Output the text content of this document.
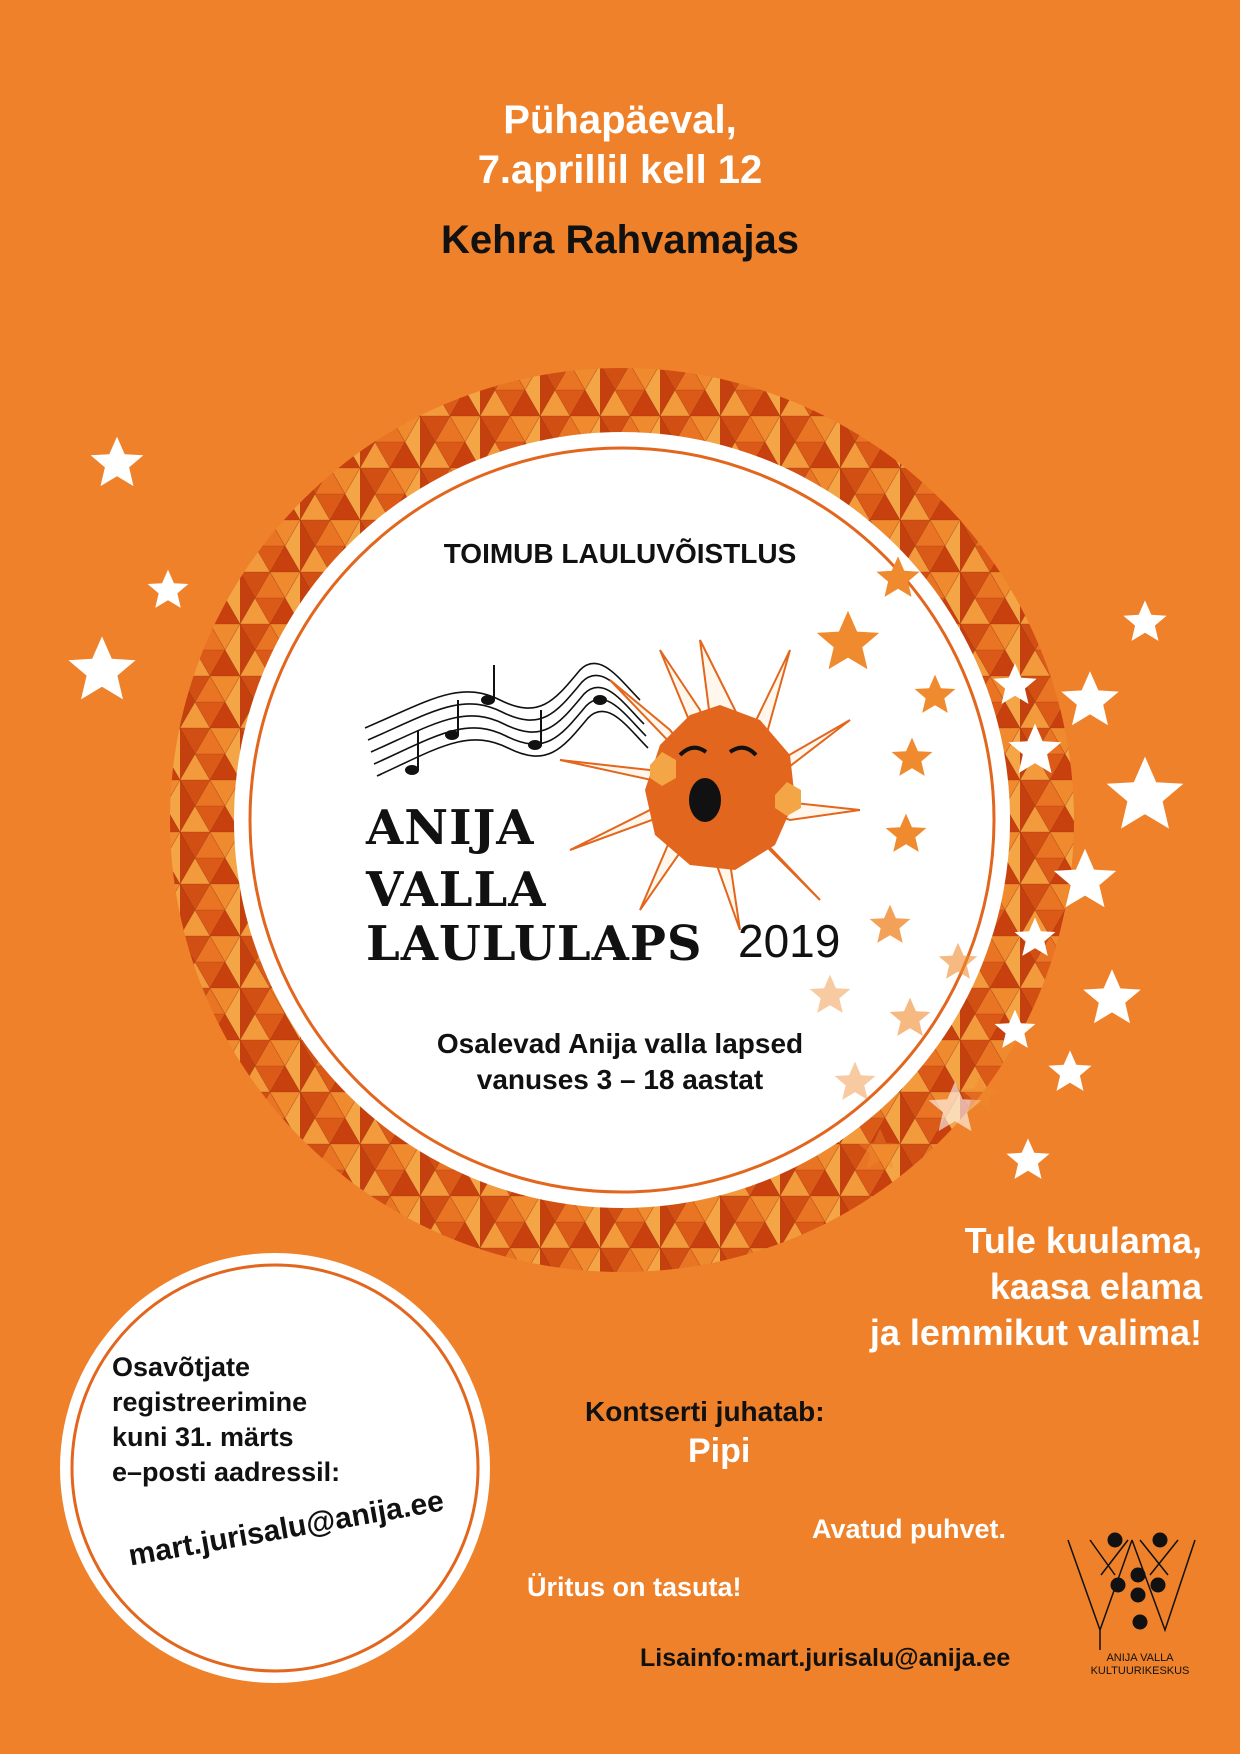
Pühapäeval,
7.aprillil kell 12
Kehra Rahvamajas
TOIMUB LAULUVÕISTLUS
ANIJA
VALLA
LAULULAPS 2019
Osalevad Anija valla lapsed
vanuses 3 – 18 aastat
Tule kuulama,
kaasa elama
ja lemmikut valima!
Osavõtjate
registreerimine
kuni 31. märts
e–posti aadressil:
mart.jurisalu@anija.ee
Kontserti juhatab:
Pipi
Avatud puhvet.
Üritus on tasuta!
Lisainfo:mart.jurisalu@anija.ee	ANIJA VALLA
KULTUURIKESKUS
